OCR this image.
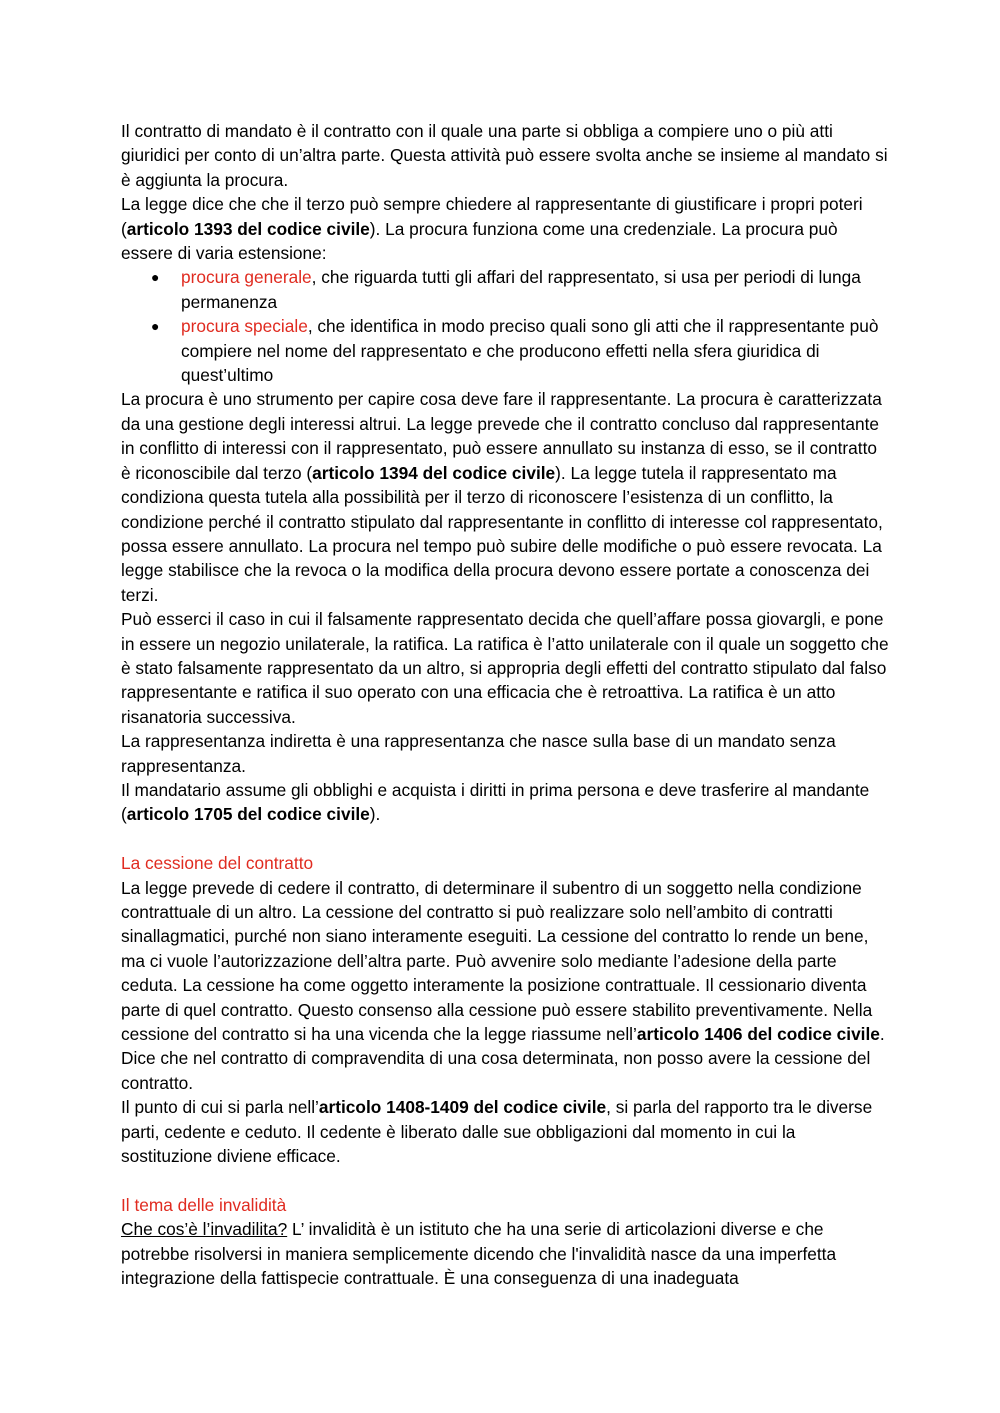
Il contratto di mandato è il contratto con il quale una parte si obbliga a compiere uno o più atti giuridici per conto di un’altra parte. Questa attività può essere svolta anche se insieme al mandato si è aggiunta la procura.

La legge dice che che il terzo può sempre chiedere al rappresentante di giustificare i propri poteri (articolo 1393 del codice civile). La procura funziona come una credenziale. La procura può essere di varia estensione:

● procura generale, che riguarda tutti gli affari del rappresentato, si usa per periodi di lunga permanenza
● procura speciale, che identifica in modo preciso quali sono gli atti che il rappresentante può compiere nel nome del rappresentato e che producono effetti nella sfera giuridica di quest’ultimo

La procura è uno strumento per capire cosa deve fare il rappresentante. La procura è caratterizzata da una gestione degli interessi altrui. La legge prevede che il contratto concluso dal rappresentante in conflitto di interessi con il rappresentato, può essere annullato su instanza di esso, se il contratto è riconoscibile dal terzo (articolo 1394 del codice civile). La legge tutela il rappresentato ma condiziona questa tutela alla possibilità per il terzo di riconoscere l’esistenza di un conflitto, la condizione perché il contratto stipulato dal rappresentante in conflitto di interesse col rappresentato, possa essere annullato. La procura nel tempo può subire delle modifiche o può essere revocata. La legge stabilisce che la revoca o la modifica della procura devono essere portate a conoscenza dei terzi.

Può esserci il caso in cui il falsamente rappresentato decida che quell’affare possa giovargli, e pone in essere un negozio unilaterale, la ratifica. La ratifica è l’atto unilaterale con il quale un soggetto che è stato falsamente rappresentato da un altro, si appropria degli effetti del contratto stipulato dal falso rappresentante e ratifica il suo operato con una efficacia che è retroattiva. La ratifica è un atto risanatoria successiva.

La rappresentanza indiretta è una rappresentanza che nasce sulla base di un mandato senza rappresentanza.

Il mandatario assume gli obblighi e acquista i diritti in prima persona e deve trasferire al mandante (articolo 1705 del codice civile).

La cessione del contratto

La legge prevede di cedere il contratto, di determinare il subentro di un soggetto nella condizione contrattuale di un altro. La cessione del contratto si può realizzare solo nell’ambito di contratti sinallagmatici, purché non siano interamente eseguiti. La cessione del contratto lo rende un bene, ma ci vuole l’autorizzazione dell’altra parte. Può avvenire solo mediante l’adesione della parte ceduta. La cessione ha come oggetto interamente la posizione contrattuale. Il cessionario diventa parte di quel contratto. Questo consenso alla cessione può essere stabilito preventivamente. Nella cessione del contratto si ha una vicenda che la legge riassume nell’articolo 1406 del codice civile. Dice che nel contratto di compravendita di una cosa determinata, non posso avere la cessione del contratto.

Il punto di cui si parla nell’articolo 1408-1409 del codice civile, si parla del rapporto tra le diverse parti, cedente e ceduto. Il cedente è liberato dalle sue obbligazioni dal momento in cui la sostituzione diviene efficace.

Il tema delle invalidità

Che cos’è l’invadilita? L’ invalidità è un istituto che ha una serie di articolazioni diverse e che potrebbe risolversi in maniera semplicemente dicendo che l'invalidità nasce da una imperfetta integrazione della fattispecie contrattuale. È una conseguenza di una inadeguata
